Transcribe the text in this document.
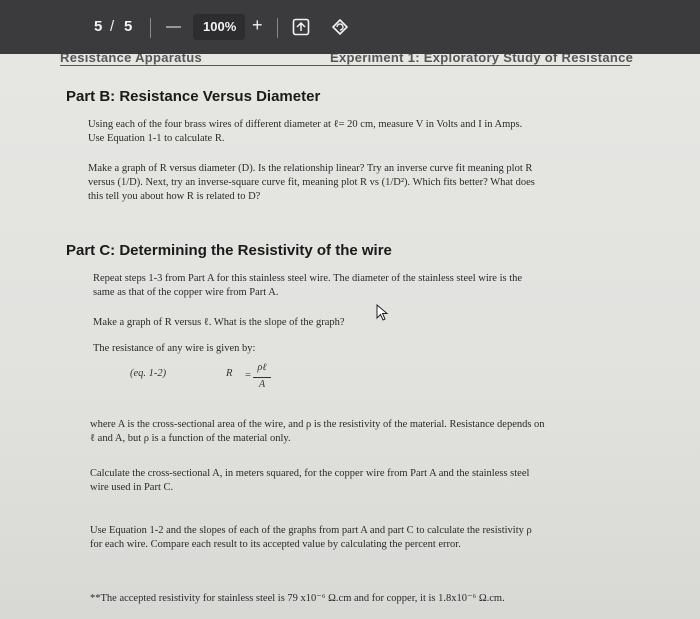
5 / 5 — 100% +
Resistance Apparatus	Experiment 1: Exploratory Study of Resistance
Part B: Resistance Versus Diameter
Using each of the four brass wires of different diameter at ℓ= 20 cm, measure V in Volts and I in Amps.
Use Equation 1-1 to calculate R.
Make a graph of R versus diameter (D). Is the relationship linear? Try an inverse curve fit meaning plot R
versus (1/D). Next, try an inverse-square curve fit, meaning plot R vs (1/D²). Which fits better? What does
this tell you about how R is related to D?
Part C: Determining the Resistivity of the wire
Repeat steps 1-3 from Part A for this stainless steel wire. The diameter of the stainless steel wire is the
same as that of the copper wire from Part A.
Make a graph of R versus ℓ. What is the slope of the graph?
The resistance of any wire is given by:
(eq. 1-2)	R =
ρℓ
A
where A is the cross-sectional area of the wire, and ρ is the resistivity of the material. Resistance depends on
ℓ and A, but ρ is a function of the material only.
Calculate the cross-sectional A, in meters squared, for the copper wire from Part A and the stainless steel
wire used in Part C.
Use Equation 1-2 and the slopes of each of the graphs from part A and part C to calculate the resistivity ρ
for each wire. Compare each result to its accepted value by calculating the percent error.
**The accepted resistivity for stainless steel is 79 x10⁻⁶ Ω.cm and for copper, it is 1.8x10⁻⁶ Ω.cm.
